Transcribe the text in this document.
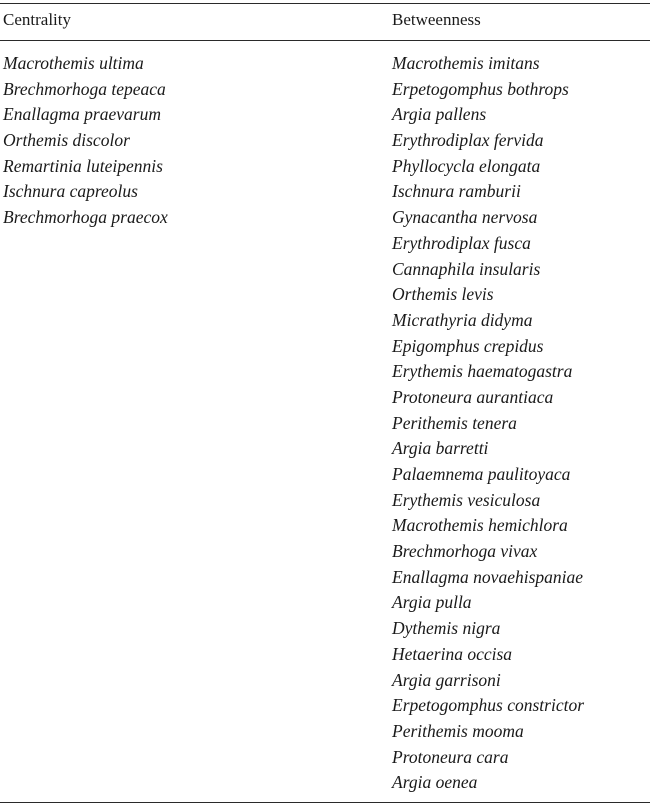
Centrality	Betweenness
Macrothemis ultima
Brechmorhoga tepeaca
Enallagma praevarum
Orthemis discolor
Remartinia luteipennis
Ischnura capreolus
Brechmorhoga praecox
Macrothemis imitans
Erpetogomphus bothrops
Argia pallens
Erythrodiplax fervida
Phyllocycla elongata
Ischnura ramburii
Gynacantha nervosa
Erythrodiplax fusca
Cannaphila insularis
Orthemis levis
Micrathyria didyma
Epigomphus crepidus
Erythemis haematogastra
Protoneura aurantiaca
Perithemis tenera
Argia barretti
Palaemnema paulitoyaca
Erythemis vesiculosa
Macrothemis hemichlora
Brechmorhoga vivax
Enallagma novaehispaniae
Argia pulla
Dythemis nigra
Hetaerina occisa
Argia garrisoni
Erpetogomphus constrictor
Perithemis mooma
Protoneura cara
Argia oenea
